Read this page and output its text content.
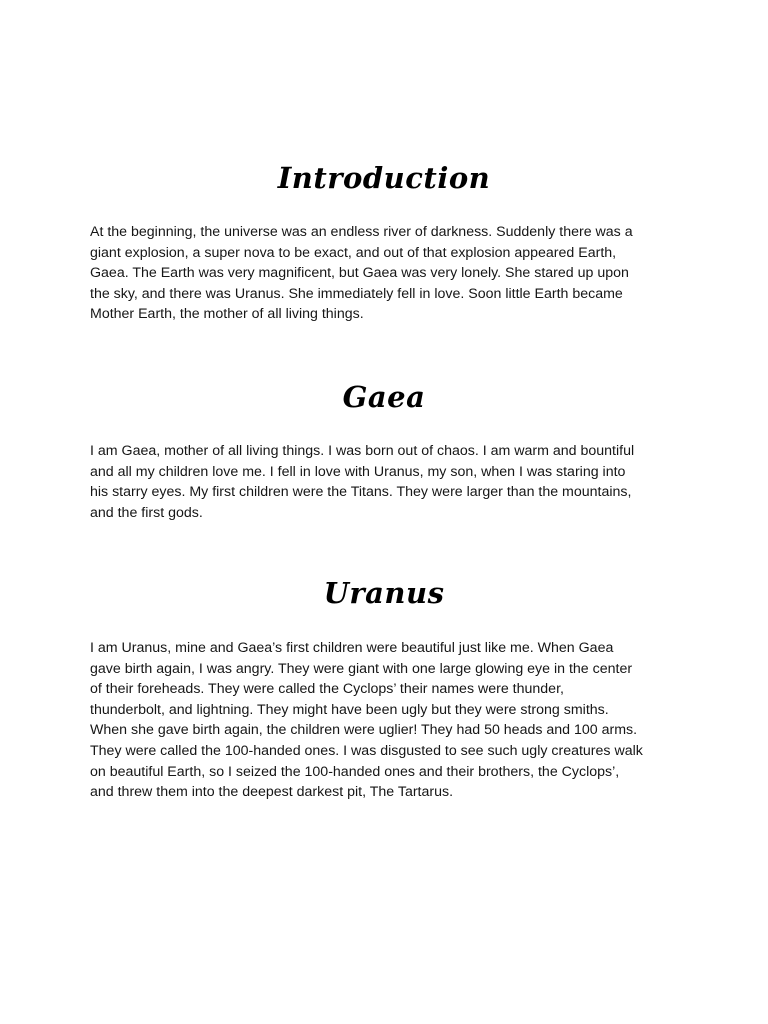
Introduction

At the beginning, the universe was an endless river of darkness. Suddenly there was a
giant explosion, a super nova to be exact, and out of that explosion appeared Earth,
Gaea. The Earth was very magnificent, but Gaea was very lonely. She stared up upon
the sky, and there was Uranus. She immediately fell in love. Soon little Earth became
Mother Earth, the mother of all living things.

Gaea

I am Gaea, mother of all living things. I was born out of chaos. I am warm and bountiful
and all my children love me. I fell in love with Uranus, my son, when I was staring into
his starry eyes. My first children were the Titans. They were larger than the mountains,
and the first gods.

Uranus

I am Uranus, mine and Gaea’s first children were beautiful just like me. When Gaea
gave birth again, I was angry. They were giant with one large glowing eye in the center
of their foreheads. They were called the Cyclops’ their names were thunder,
thunderbolt, and lightning. They might have been ugly but they were strong smiths.
When she gave birth again, the children were uglier! They had 50 heads and 100 arms.
They were called the 100-handed ones. I was disgusted to see such ugly creatures walk
on beautiful Earth, so I seized the 100-handed ones and their brothers, the Cyclops’,
and threw them into the deepest darkest pit, The Tartarus.
